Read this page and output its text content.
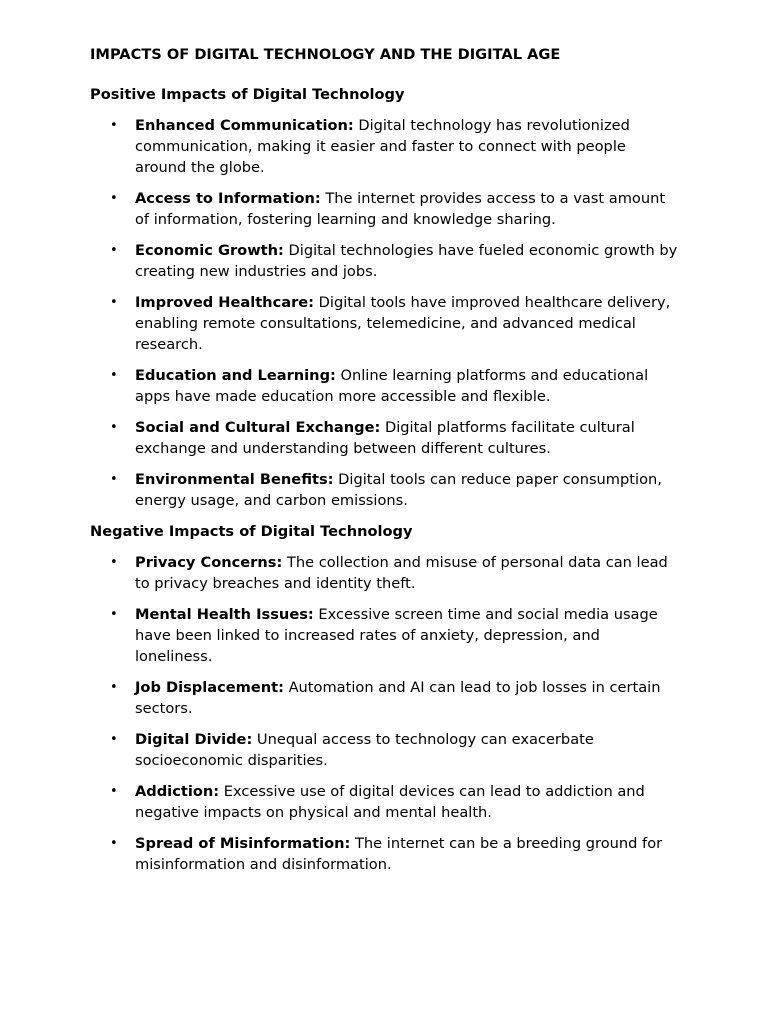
IMPACTS OF DIGITAL TECHNOLOGY AND THE DIGITAL AGE
Positive Impacts of Digital Technology
• Enhanced Communication: Digital technology has revolutionized communication, making it easier and faster to connect with people around the globe.
• Access to Information: The internet provides access to a vast amount of information, fostering learning and knowledge sharing.
• Economic Growth: Digital technologies have fueled economic growth by creating new industries and jobs.
• Improved Healthcare: Digital tools have improved healthcare delivery, enabling remote consultations, telemedicine, and advanced medical research.
• Education and Learning: Online learning platforms and educational apps have made education more accessible and flexible.
• Social and Cultural Exchange: Digital platforms facilitate cultural exchange and understanding between different cultures.
• Environmental Benefits: Digital tools can reduce paper consumption, energy usage, and carbon emissions.
Negative Impacts of Digital Technology
• Privacy Concerns: The collection and misuse of personal data can lead to privacy breaches and identity theft.
• Mental Health Issues: Excessive screen time and social media usage have been linked to increased rates of anxiety, depression, and loneliness.
• Job Displacement: Automation and AI can lead to job losses in certain sectors.
• Digital Divide: Unequal access to technology can exacerbate socioeconomic disparities.
• Addiction: Excessive use of digital devices can lead to addiction and negative impacts on physical and mental health.
• Spread of Misinformation: The internet can be a breeding ground for misinformation and disinformation.
